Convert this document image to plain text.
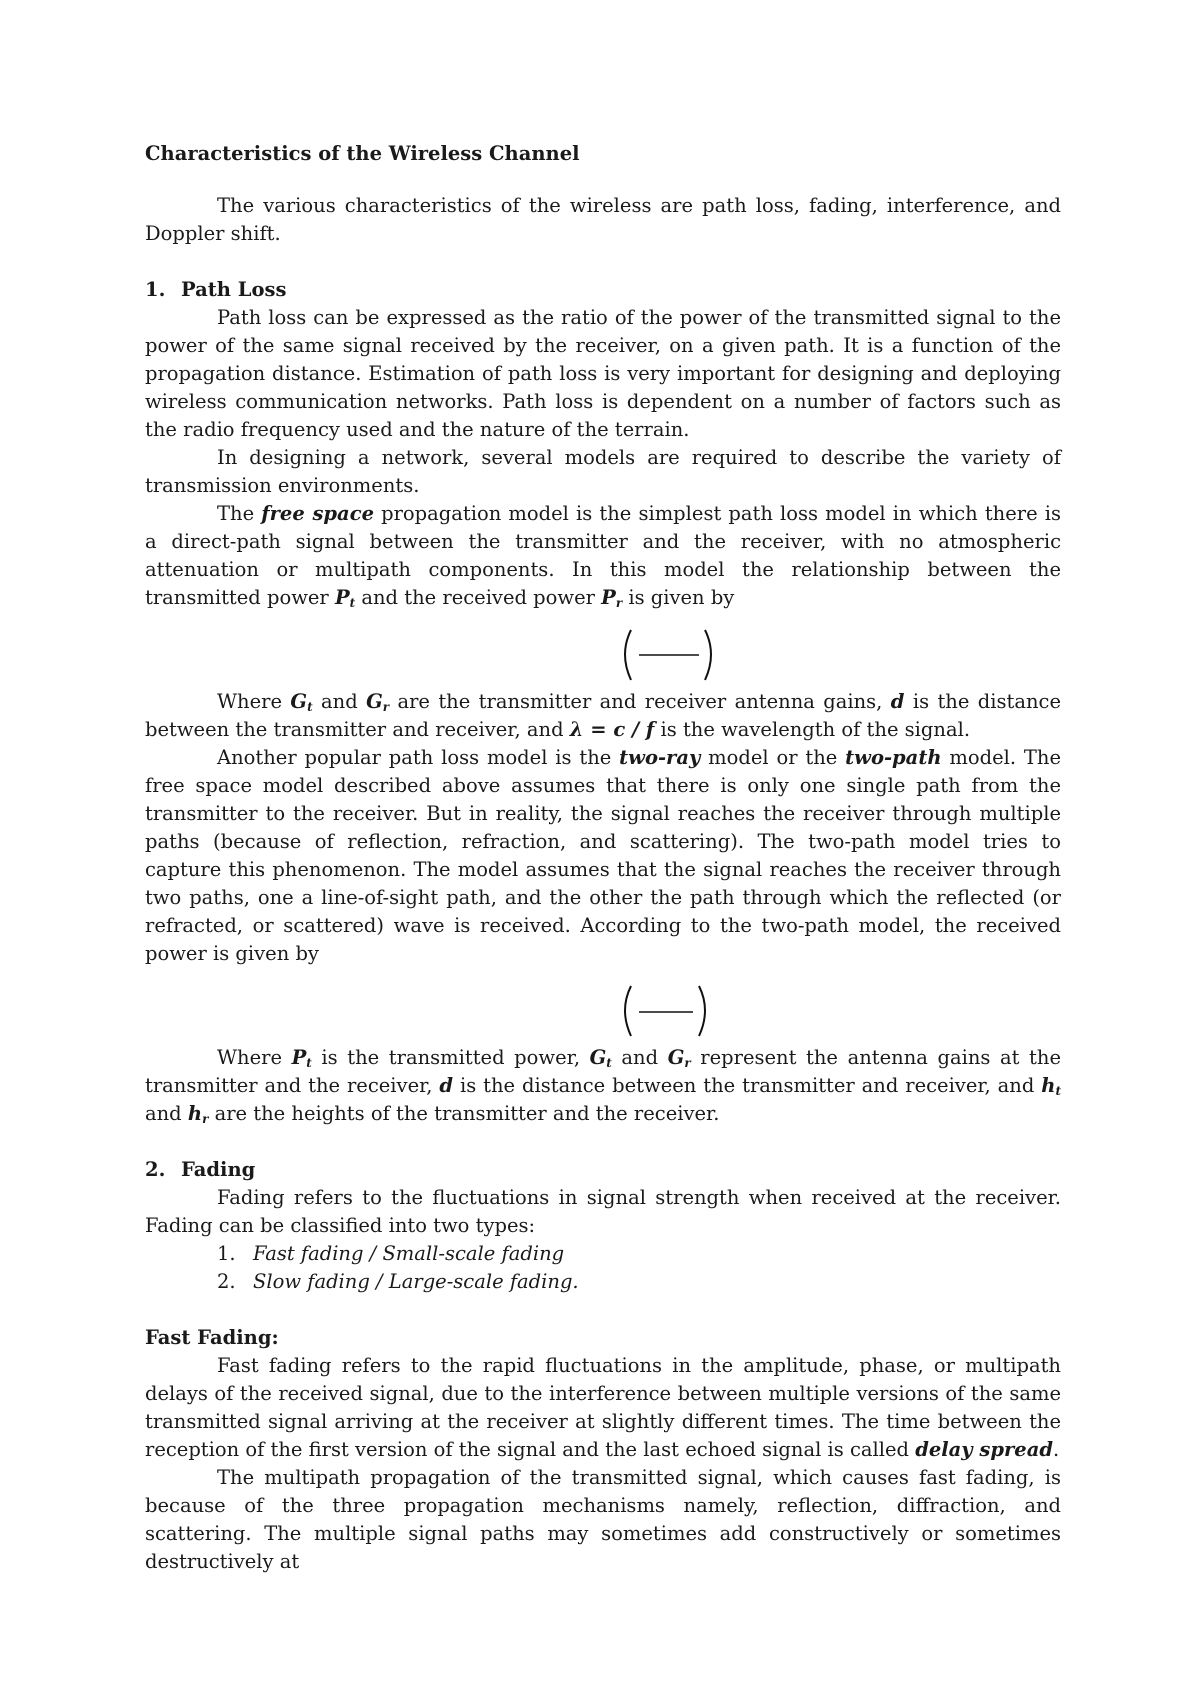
Characteristics of the Wireless Channel

The various characteristics of the wireless are path loss, fading, interference, and Doppler shift.

1. Path Loss

Path loss can be expressed as the ratio of the power of the transmitted signal to the power of the same signal received by the receiver, on a given path. It is a function of the propagation distance. Estimation of path loss is very important for designing and deploying wireless communication networks. Path loss is dependent on a number of factors such as the radio frequency used and the nature of the terrain.

In designing a network, several models are required to describe the variety of transmission environments.

The free space propagation model is the simplest path loss model in which there is a direct-path signal between the transmitter and the receiver, with no atmospheric attenuation or multipath components. In this model the relationship between the transmitted power $P_t$ and the received power $P_r$ is given by

Where $G_t$ and $G_r$ are the transmitter and receiver antenna gains, d is the distance between the transmitter and receiver, and λ = c / f is the wavelength of the signal.

Another popular path loss model is the two-ray model or the two-path model. The free space model described above assumes that there is only one single path from the transmitter to the receiver. But in reality, the signal reaches the receiver through multiple paths (because of reflection, refraction, and scattering). The two-path model tries to capture this phenomenon. The model assumes that the signal reaches the receiver through two paths, one a line-of-sight path, and the other the path through which the reflected (or refracted, or scattered) wave is received. According to the two-path model, the received power is given by

Where $P_t$ is the transmitted power, $G_t$ and $G_r$ represent the antenna gains at the transmitter and the receiver, d is the distance between the transmitter and receiver, and $h_t$ and $h_r$ are the heights of the transmitter and the receiver.

2. Fading

Fading refers to the fluctuations in signal strength when received at the receiver. Fading can be classified into two types:

1. Fast fading / Small-scale fading

2. Slow fading / Large-scale fading.

Fast Fading:

Fast fading refers to the rapid fluctuations in the amplitude, phase, or multipath delays of the received signal, due to the interference between multiple versions of the same transmitted signal arriving at the receiver at slightly different times. The time between the reception of the first version of the signal and the last echoed signal is called delay spread.

The multipath propagation of the transmitted signal, which causes fast fading, is because of the three propagation mechanisms namely, reflection, diffraction, and scattering. The multiple signal paths may sometimes add constructively or sometimes destructively at
